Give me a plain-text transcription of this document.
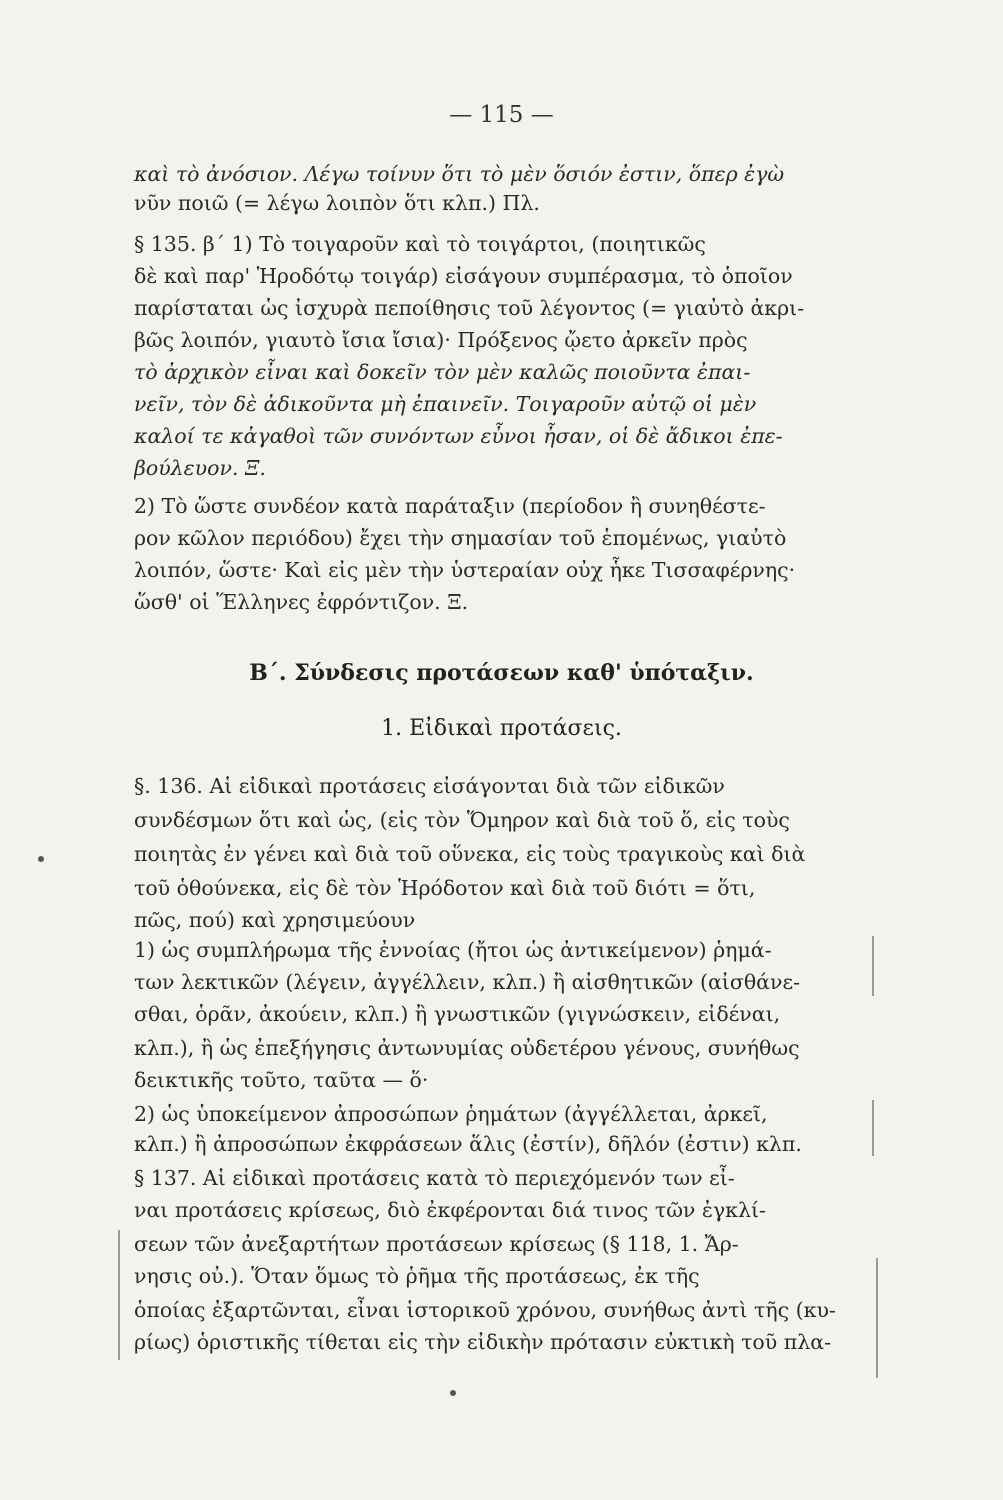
— 115 —
καὶ τὸ ἀνόσιον. Λέγω τοίνυν ὅτι τὸ μὲν ὅσιόν ἐστιν, ὅπερ ἐγὼ
νῦν ποιῶ (= λέγω λοιπὸν ὅτι κλπ.) Πλ.
§ 135. β΄ 1) Τὸ τοιγαροῦν καὶ τὸ τοιγάρτοι, (ποιητικῶς
δὲ καὶ παρ' Ἡροδότῳ τοιγάρ) εἰσάγουν συμπέρασμα, τὸ ὁποῖον
παρίσταται ὡς ἰσχυρὰ πεποίθησις τοῦ λέγοντος (= γιαὐτὸ ἀκρι-
βῶς λοιπόν, γιαυτὸ ἴσια ἴσια)· Πρόξενος ᾤετο ἀρκεῖν πρὸς
τὸ ἀρχικὸν εἶναι καὶ δοκεῖν τὸν μὲν καλῶς ποιοῦντα ἐπαι-
νεῖν, τὸν δὲ ἀδικοῦντα μὴ ἐπαινεῖν. Τοιγαροῦν αὐτῷ οἱ μὲν
καλοί τε κἀγαθοὶ τῶν συνόντων εὖνοι ἦσαν, οἱ δὲ ἄδικοι ἐπε-
βούλευον. Ξ.
2) Τὸ ὥστε συνδέον κατὰ παράταξιν (περίοδον ἢ συνηθέστε-
ρον κῶλον περιόδου) ἔχει τὴν σημασίαν τοῦ ἑπομένως, γιαὐτὸ
λοιπόν, ὥστε· Καὶ εἰς μὲν τὴν ὑστεραίαν οὐχ ἧκε Τισσαφέρνης·
ὥσθ' οἱ Ἕλληνες ἐφρόντιζον. Ξ.
Β΄. Σύνδεσις προτάσεων καθ' ὑπόταξιν.
1. Εἰδικαὶ προτάσεις.
§. 136. Αἱ εἰδικαὶ προτάσεις εἰσάγονται διὰ τῶν εἰδικῶν
συνδέσμων ὅτι καὶ ὡς, (εἰς τὸν Ὅμηρον καὶ διὰ τοῦ ὅ, εἰς τοὺς
ποιητὰς ἐν γένει καὶ διὰ τοῦ οὕνεκα, εἰς τοὺς τραγικοὺς καὶ διὰ
τοῦ ὁθούνεκα, εἰς δὲ τὸν Ἡρόδοτον καὶ διὰ τοῦ διότι = ὅτι,
πῶς, πού) καὶ χρησιμεύουν
1) ὡς συμπλήρωμα τῆς ἐννοίας (ἤτοι ὡς ἀντικείμενον) ῥημά-
των λεκτικῶν (λέγειν, ἀγγέλλειν, κλπ.) ἢ αἰσθητικῶν (αἰσθάνε-
σθαι, ὁρᾶν, ἀκούειν, κλπ.) ἢ γνωστικῶν (γιγνώσκειν, εἰδέναι,
κλπ.), ἢ ὡς ἐπεξήγησις ἀντωνυμίας οὐδετέρου γένους, συνήθως
δεικτικῆς τοῦτο, ταῦτα — ὅ·
2) ὡς ὑποκείμενον ἀπροσώπων ῥημάτων (ἀγγέλλεται, ἀρκεῖ,
κλπ.) ἢ ἀπροσώπων ἐκφράσεων ἅλις (ἐστίν), δῆλόν (ἐστιν) κλπ.
§ 137. Αἱ εἰδικαὶ προτάσεις κατὰ τὸ περιεχόμενόν των εἶ-
ναι προτάσεις κρίσεως, διὸ ἐκφέρονται διά τινος τῶν ἐγκλί-
σεων τῶν ἀνεξαρτήτων προτάσεων κρίσεως (§ 118, 1. Ἄρ-
νησις οὐ.). Ὅταν ὅμως τὸ ῥῆμα τῆς προτάσεως, ἐκ τῆς
ὁποίας ἐξαρτῶνται, εἶναι ἱστορικοῦ χρόνου, συνήθως ἀντὶ τῆς (κυ-
ρίως) ὁριστικῆς τίθεται εἰς τὴν εἰδικὴν πρότασιν εὐκτικὴ τοῦ πλα-
